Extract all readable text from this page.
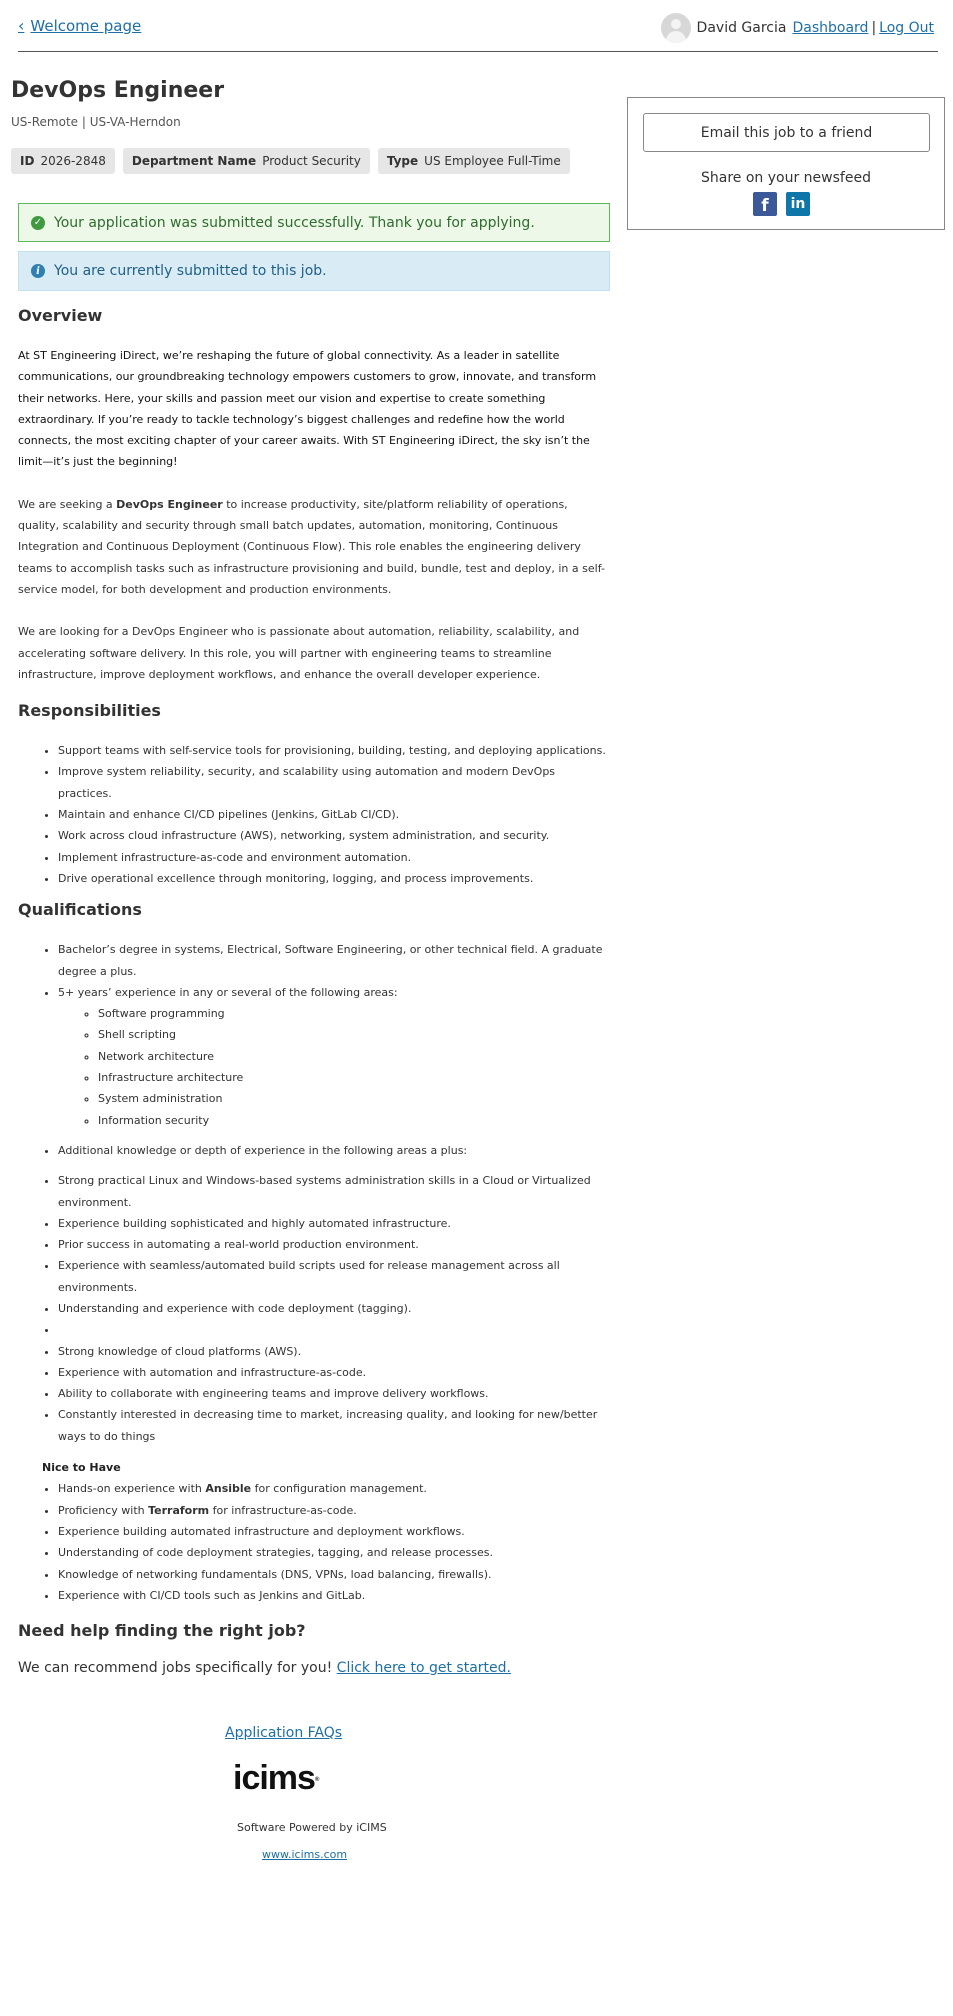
‹ Welcome page	David Garcia Dashboard | Log Out
DevOps Engineer
US-Remote | US-VA-Herndon
ID 2026-2848	Department Name Product Security	Type US Employee Full-Time
✓ Your application was submitted successfully. Thank you for applying.
i	You are currently submitted to this job.
Overview

At ST Engineering iDirect, we’re reshaping the future of global connectivity. As a leader in satellite communications, our groundbreaking technology empowers customers to grow, innovate, and transform their networks. Here, your skills and passion meet our vision and expertise to create something extraordinary. If you’re ready to tackle technology’s biggest challenges and redefine how the world connects, the most exciting chapter of your career awaits. With ST Engineering iDirect, the sky isn’t the limit—it’s just the beginning!

We are seeking a DevOps Engineer to increase productivity, site/platform reliability of operations, quality, scalability and security through small batch updates, automation, monitoring, Continuous Integration and Continuous Deployment (Continuous Flow). This role enables the engineering delivery teams to accomplish tasks such as infrastructure provisioning and build, bundle, test and deploy, in a self-service model, for both development and production environments.

We are looking for a DevOps Engineer who is passionate about automation, reliability, scalability, and accelerating software delivery. In this role, you will partner with engineering teams to streamline infrastructure, improve deployment workflows, and enhance the overall developer experience.

Responsibilities
• Support teams with self-service tools for provisioning, building, testing, and deploying applications.
• Improve system reliability, security, and scalability using automation and modern DevOps practices.
• Maintain and enhance CI/CD pipelines (Jenkins, GitLab CI/CD).
• Work across cloud infrastructure (AWS), networking, system administration, and security.
• Implement infrastructure-as-code and environment automation.
• Drive operational excellence through monitoring, logging, and process improvements.
Qualifications
• Bachelor’s degree in systems, Electrical, Software Engineering, or other technical field. A graduate degree a plus.
• 5+ years’ experience in any or several of the following areas:
◦ Software programming
◦ Shell scripting
◦ Network architecture
◦ Infrastructure architecture
◦ System administration
◦ Information security
• Additional knowledge or depth of experience in the following areas a plus:
• Strong practical Linux and Windows-based systems administration skills in a Cloud or Virtualized environment.
• Experience building sophisticated and highly automated infrastructure.
• Prior success in automating a real-world production environment.
• Experience with seamless/automated build scripts used for release management across all environments.
• Understanding and experience with code deployment (tagging).
•
• Strong knowledge of cloud platforms (AWS).
• Experience with automation and infrastructure-as-code.
• Ability to collaborate with engineering teams and improve delivery workflows.
• Constantly interested in decreasing time to market, increasing quality, and looking for new/better ways to do things
Nice to Have
• Hands-on experience with Ansible for configuration management.
• Proficiency with Terraform for infrastructure-as-code.
• Experience building automated infrastructure and deployment workflows.
• Understanding of code deployment strategies, tagging, and release processes.
• Knowledge of networking fundamentals (DNS, VPNs, load balancing, firewalls).
• Experience with CI/CD tools such as Jenkins and GitLab.
Need help finding the right job?

We can recommend jobs specifically for you! Click here to get started.

Email this job to a friend
Share on your newsfeed
f	in
Application FAQs
icims®
Software Powered by iCIMS
www.icims.com
